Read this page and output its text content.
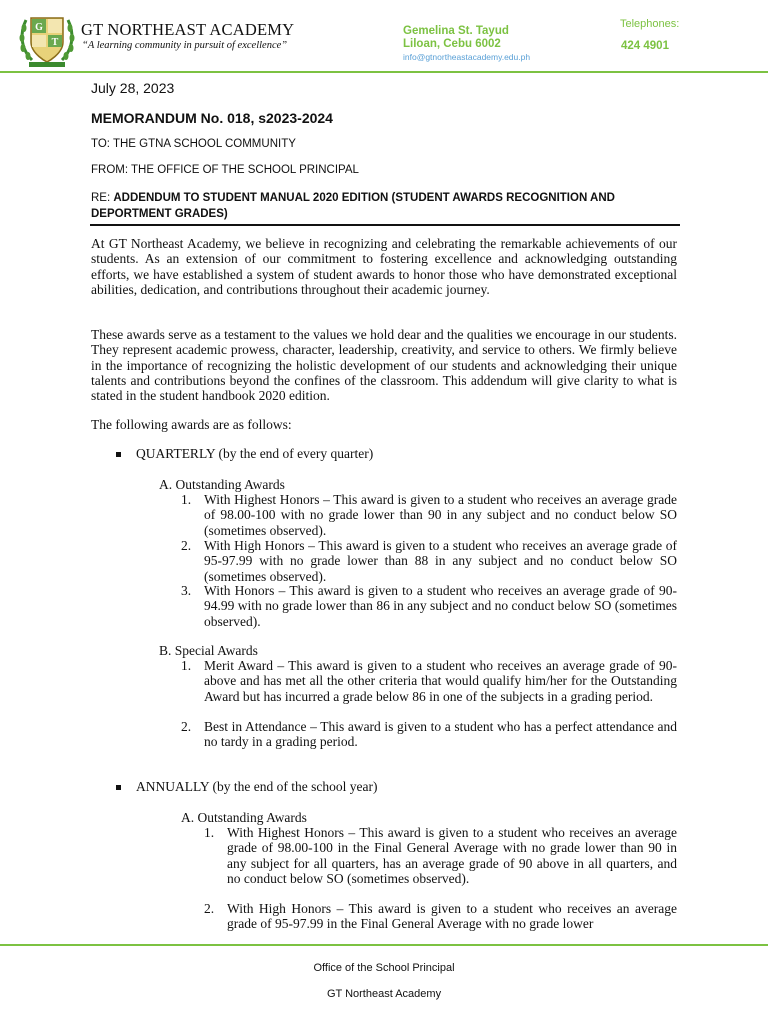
G
T
GT NORTHEAST ACADEMY
“A learning community in pursuit of excellence”
Gemelina St. Tayud
Liloan, Cebu 6002
info@gtnortheastacademy.edu.ph
Telephones:
424 4901
July 28, 2023
MEMORANDUM No. 018, s2023-2024
TO: THE GTNA SCHOOL COMMUNITY
FROM: THE OFFICE OF THE SCHOOL PRINCIPAL
RE: ADDENDUM TO STUDENT MANUAL 2020 EDITION (STUDENT AWARDS RECOGNITION AND DEPORTMENT GRADES)
At GT Northeast Academy, we believe in recognizing and celebrating the remarkable achievements of our students. As an extension of our commitment to fostering excellence and acknowledging outstanding efforts, we have established a system of student awards to honor those who have demonstrated exceptional abilities, dedication, and contributions throughout their academic journey.
These awards serve as a testament to the values we hold dear and the qualities we encourage in our students. They represent academic prowess, character, leadership, creativity, and service to others. We firmly believe in the importance of recognizing the holistic development of our students and acknowledging their unique talents and contributions beyond the confines of the classroom. This addendum will give clarity to what is stated in the student handbook 2020 edition.
The following awards are as follows:
QUARTERLY (by the end of every quarter)
A. Outstanding Awards
1. With Highest Honors – This award is given to a student who receives an average grade of 98.00-100 with no grade lower than 90 in any subject and no conduct below SO (sometimes observed).
2. With High Honors – This award is given to a student who receives an average grade of 95-97.99 with no grade lower than 88 in any subject and no conduct below SO (sometimes observed).
3. With Honors – This award is given to a student who receives an average grade of 90-94.99 with no grade lower than 86 in any subject and no conduct below SO (sometimes observed).
B. Special Awards
1. Merit Award – This award is given to a student who receives an average grade of 90- above and has met all the other criteria that would qualify him/her for the Outstanding Award but has incurred a grade below 86 in one of the subjects in a grading period.
2. Best in Attendance – This award is given to a student who has a perfect attendance and no tardy in a grading period.
ANNUALLY (by the end of the school year)
A. Outstanding Awards
1. With Highest Honors – This award is given to a student who receives an average grade of 98.00-100 in the Final General Average with no grade lower than 90 in any subject for all quarters, has an average grade of 90 above in all quarters, and no conduct below SO (sometimes observed).
2. With High Honors – This award is given to a student who receives an average grade of 95-97.99 in the Final General Average with no grade lower
Office of the School Principal
GT Northeast Academy
